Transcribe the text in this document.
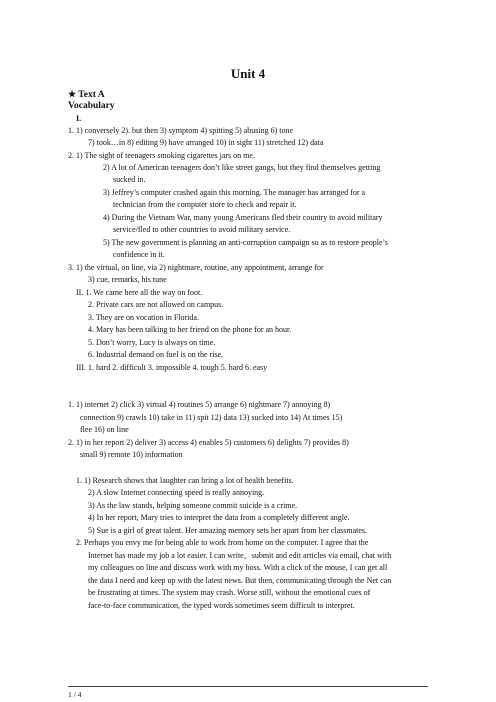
Unit 4
★ Text A
Vocabulary
I.
1. 1) conversely 2). but then 3) symptom 4) spitting 5) abusing 6) tone
7) took…in 8) editing 9) have arranged 10) in sight 11) stretched 12) data
2. 1) The sight of teenagers smoking cigarettes jars on me.
2) A lot of American teenagers don’t like street gangs, but they find themselves getting
sucked in.
3) Jeffrey’s computer crashed again this morning. The manager has arranged for a
technician from the computer store to check and repair it.
4) During the Vietnam War, many young Americans fled their country to avoid military
service/fled to other countries to avoid military service.
5) The new government is planning an anti-corruption campaign so as to restore people’s
confidence in it.
3. 1) the virtual, on line, via 2) nightmare, routine, any appointment, arrange for
3) cue, remarks, his tune
II. 1. We came here all the way on foot.
2. Private cars are not allowed on campus.
3. They are on vocation in Florida.
4. Mary has been talking to her friend on the phone for an hour.
5. Don’t worry, Lucy is always on time.
6. Industrial demand on fuel is on the rise.
III. 1. hard 2. difficult 3. impossible 4. tough 5. hard 6. easy
1. 1) internet 2) click 3) virtual 4) routines 5) arrange 6) nightmare 7) annoying 8)
connection 9) crawls 10) take in 11) spit 12) data 13) sucked into 14) At times 15)
flee 16) on line
2. 1) in her report 2) deliver 3) access 4) enables 5) customers 6) delights 7) provides 8)
small 9) remote 10) information
1. 1) Research shows that laughter can bring a lot of health benefits.
2) A slow Internet connecting speed is really annoying.
3) As the law stands, helping someone commit suicide is a crime.
4) In her report, Mary tries to interpret the data from a completely different angle.
5) Sue is a girl of great talent. Her amazing memory sets her apart from her classmates.
2. Perhaps you envy me for being able to work from home on the computer. I agree that the
Internet has made my job a lot easier. I can write，submit and edit articles via email, chat with
my colleagues on line and discuss work with my boss. With a click of the mouse, I can get all
the data I need and keep up with the latest news. But then, communicating through the Net can
be frustrating at times. The system may crash. Worse still, without the emotional cues of
face-to-face communication, the typed words sometimes seem difficult to interpret.
1 / 4
